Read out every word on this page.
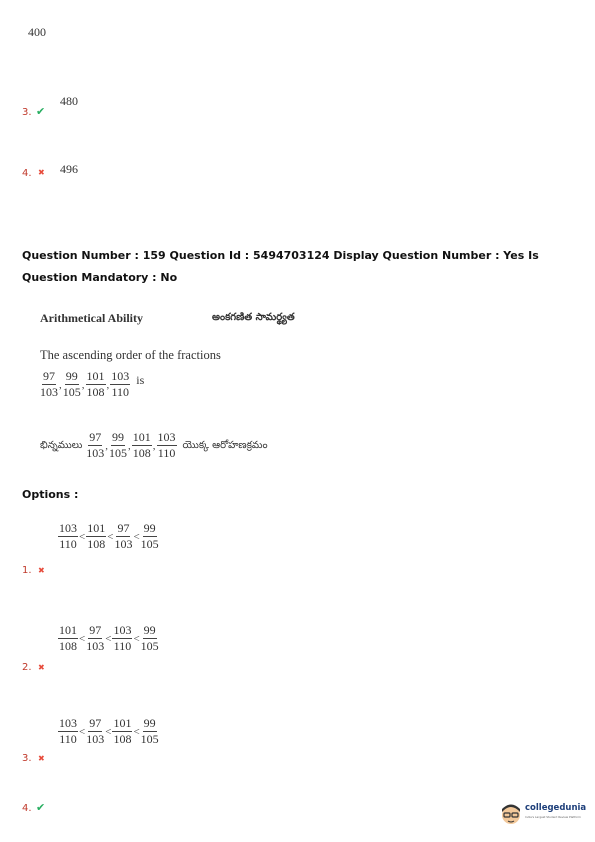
400
3. ✔
480
4. ✖ 496
Question Number : 159 Question Id : 5494703124 Display Question Number : Yes Is Question Mandatory : No
Arithmetical Ability	అంకగణిత సామర్థ్యత
The ascending order of the fractions
$\frac{97}{103}$ , $\frac{99}{105}$ , $\frac{101}{108}$ , $\frac{103}{110}$ is
భిన్నములు $\frac{97}{103}$ , $\frac{99}{105}$ , $\frac{101}{108}$ , $\frac{103}{110}$ యొక్క ఆరోహణక్రమం
Options :
$\frac{103}{110} < \frac{101}{108} < \frac{97}{103} < \frac{99}{105}$
1. ✖
$\frac{101}{108} < \frac{97}{103} < \frac{103}{110} < \frac{99}{105}$
2. ✖
$\frac{103}{110} < \frac{97}{103} < \frac{101}{108} < \frac{99}{105}$
3. ✖
4. ✔	collegedunia
India's Largest Student Review Platform
